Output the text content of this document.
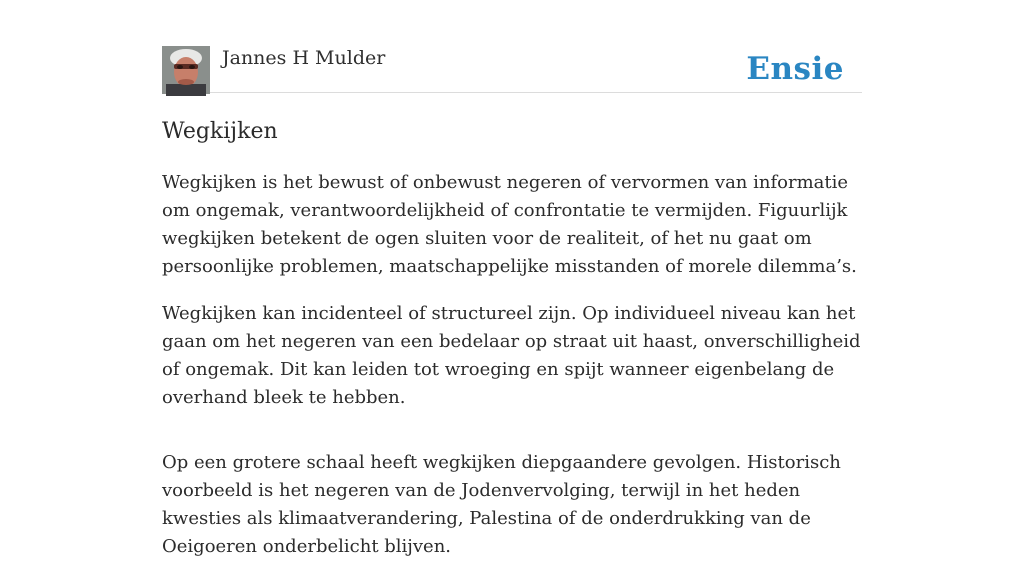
Jannes H Mulder	Ensie
Wegkijken

Wegkijken is het bewust of onbewust negeren of vervormen van informatie om ongemak, verantwoordelijkheid of confrontatie te vermijden. Figuurlijk wegkijken betekent de ogen sluiten voor de realiteit, of het nu gaat om persoonlijke problemen, maatschappelijke misstanden of morele dilemma’s.

Wegkijken kan incidenteel of structureel zijn. Op individueel niveau kan het gaan om het negeren van een bedelaar op straat uit haast, onverschilligheid of ongemak. Dit kan leiden tot wroeging en spijt wanneer eigenbelang de overhand bleek te hebben.

Op een grotere schaal heeft wegkijken diepgaandere gevolgen. Historisch voorbeeld is het negeren van de Jodenvervolging, terwijl in het heden kwesties als klimaatverandering, Palestina of de onderdrukking van de Oeigoeren onderbelicht blijven.
